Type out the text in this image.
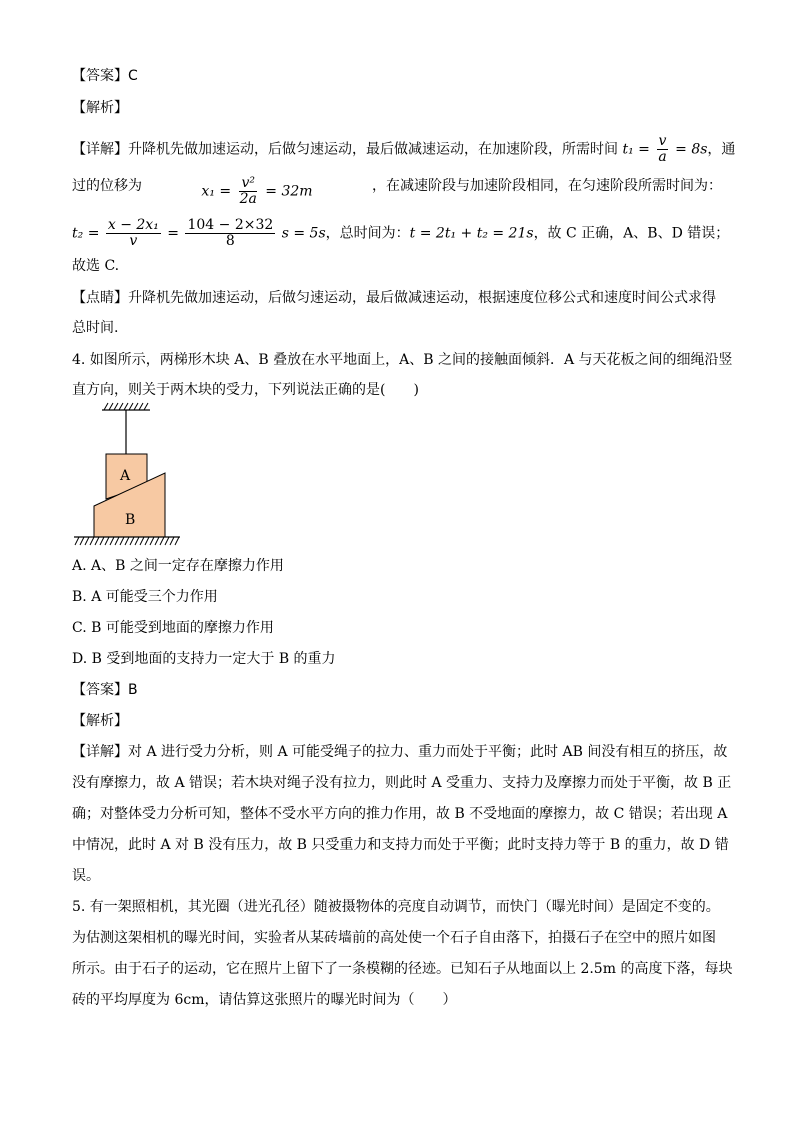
【答案】C
【解析】
【详解】升降机先做加速运动，后做匀速运动，最后做减速运动，在加速阶段，所需时间 $t_1 = \frac{v}{a} = 8s$，通
过的位移为	$x_1 = \frac{\text{v²}}{2a} = 32m$	，在减速阶段与加速阶段相同，在匀速阶段所需时间为：
$t_2 = \frac{\text{x − 2x₁}}{v} = \frac{104 - 2\times 32}{8}$ s = 5s，总时间为：t = 2t₁ + t₂ = 21s，故 C 正确，A、B、D 错误；
故选 C.
【点睛】升降机先做加速运动，后做匀速运动，最后做减速运动，根据速度位移公式和速度时间公式求得
总时间.
4. 如图所示，两梯形木块 A、B 叠放在水平地面上，A、B 之间的接触面倾斜．A 与天花板之间的细绳沿竖
直方向，则关于两木块的受力，下列说法正确的是(　　)
A
B
A. A、B 之间一定存在摩擦力作用
B. A 可能受三个力作用
C. B 可能受到地面的摩擦力作用
D. B 受到地面的支持力一定大于 B 的重力
【答案】B
【解析】
【详解】对 A 进行受力分析，则 A 可能受绳子的拉力、重力而处于平衡；此时 AB 间没有相互的挤压，故
没有摩擦力，故 A 错误；若木块对绳子没有拉力，则此时 A 受重力、支持力及摩擦力而处于平衡，故 B 正
确；对整体受力分析可知，整体不受水平方向的推力作用，故 B 不受地面的摩擦力，故 C 错误；若出现 A
中情况，此时 A 对 B 没有压力，故 B 只受重力和支持力而处于平衡；此时支持力等于 B 的重力，故 D 错
误。
5. 有一架照相机，其光圈（进光孔径）随被摄物体的亮度自动调节，而快门（曝光时间）是固定不变的。
为估测这架相机的曝光时间，实验者从某砖墙前的高处使一个石子自由落下，拍摄石子在空中的照片如图
所示。由于石子的运动，它在照片上留下了一条模糊的径迹。已知石子从地面以上 2.5m 的高度下落，每块
砖的平均厚度为 6cm，请估算这张照片的曝光时间为（　　）
